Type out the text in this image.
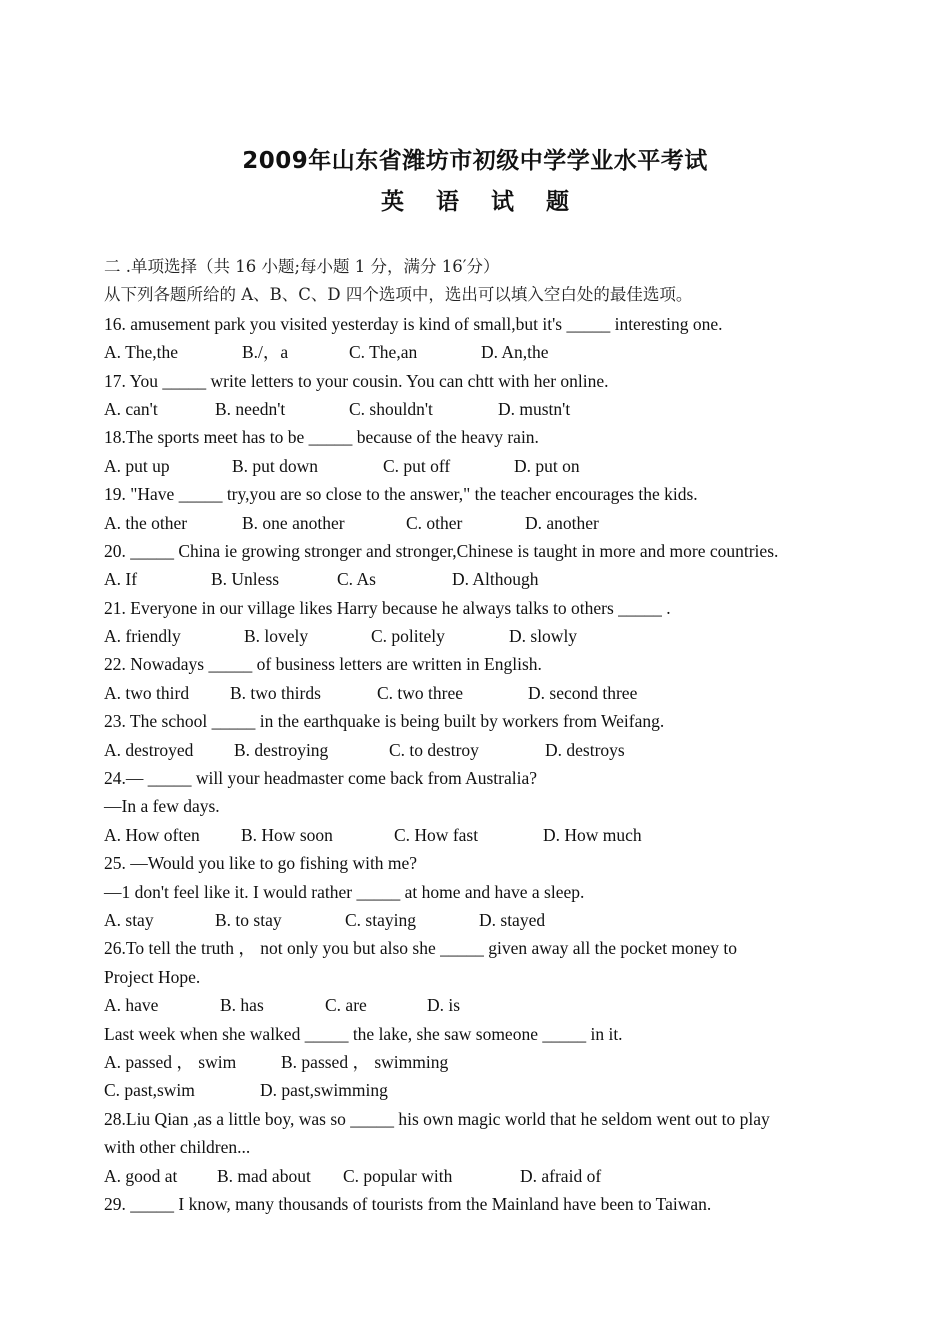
2009年山东省潍坊市初级中学学业水平考试
英 语 试 题
二 .单项选择（共 16 小题;每小题 1 分，满分 16′分）
从下列各题所给的 A、B、C、D 四个选项中，选出可以填入空白处的最佳选项。
16. amusement park you visited yesterday is kind of small,but it's _____ interesting one.
A. The,the	B./，a	C. The,an	D. An,the
17. You _____ write letters to your cousin. You can chtt with her online.
A. can't	B. needn't	C. shouldn't	D. mustn't
18.The sports meet has to be _____ because of the heavy rain.
A. put up	B. put down	C. put off	D. put on
19. "Have _____ try,you are so close to the answer," the teacher encourages the kids.
A. the other	B. one another	C. other	D. another
20. _____ China ie growing stronger and stronger,Chinese is taught in more and more countries.
A. If	B. Unless	C. As	D. Although
21. Everyone in our village likes Harry because he always talks to others _____ .
A. friendly	B. lovely	C. politely	D. slowly
22. Nowadays _____ of business letters are written in English.
A. two third B. two thirds	C. two three	D. second three
23. The school _____ in the earthquake is being built by workers from Weifang.
A. destroyed B. destroying	C. to destroy	D. destroys
24.— _____ will your headmaster come back from Australia?
—In a few days.
A. How often B. How soon	C. How fast	D. How much
25. —Would you like to go fishing with me?
—1 don't feel like it. I would rather _____ at home and have a sleep.
A. stay	B. to stay	C. staying	D. stayed
26.To tell the truth ， not only you but also she _____ given away all the pocket money to
Project Hope.
A. have	B. has	C. are	D. is
Last week when she walked _____ the lake, she saw someone _____ in it.
A. passed ， swim	B. passed ， swimming
C. past,swim	D. past,swimming
28.Liu Qian ,as a little boy, was so _____ his own magic world that he seldom went out to play
with other children...
A. good at B. mad about C. popular with	D. afraid of
29. _____ I know, many thousands of tourists from the Mainland have been to Taiwan.
